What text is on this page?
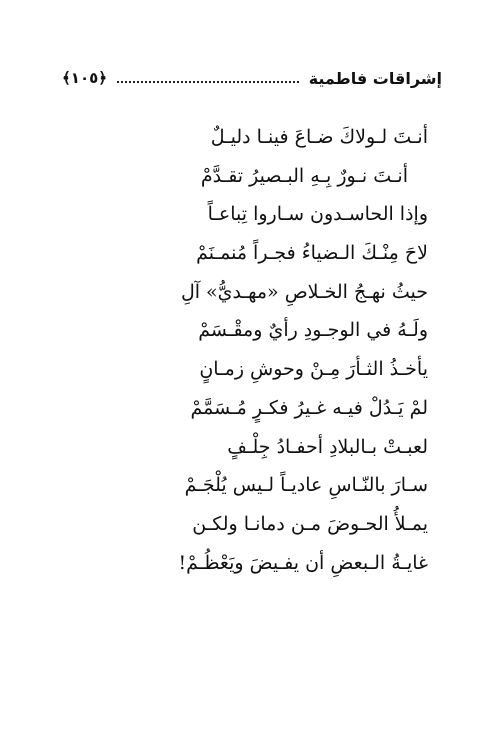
إشراقات فاطمية
﴿١٠٥﴾
أنـتَ لـولاكَ ضـاعَ فينـا دليـلٌ
أنـتَ نـورٌ بِـهِ البـصيرُ تقـدَّمْ
وإذا الحاسـدون سـاروا تِباعـاً
لاحَ مِنْـكَ الـضياءُ فجـراً مُنمـنَمْ
حيثُ نهـجُ الخـلاصِ «مهـديُّ» آلِ
ولَـهُ في الوجـودِ رأيٌ ومقْـسَمْ
يأخـذُ الثـأرَ مِـنْ وحوشِ زمـانٍ
لمْ يَـدُلْ فيـه غـيرُ فكـرٍ مُـسَمَّمْ
لعبـتْ بـالبلادِ أحفـادُ جِلْـفٍ
سـارَ بالنّـاسِ عاديـاً لـيس يُلْجَـمْ
يمـلأُ الحـوضَ مـن دمانـا ولكـن
غايـةُ الـبعضِ أن يفـيضَ ويَعْظُـمْ!
